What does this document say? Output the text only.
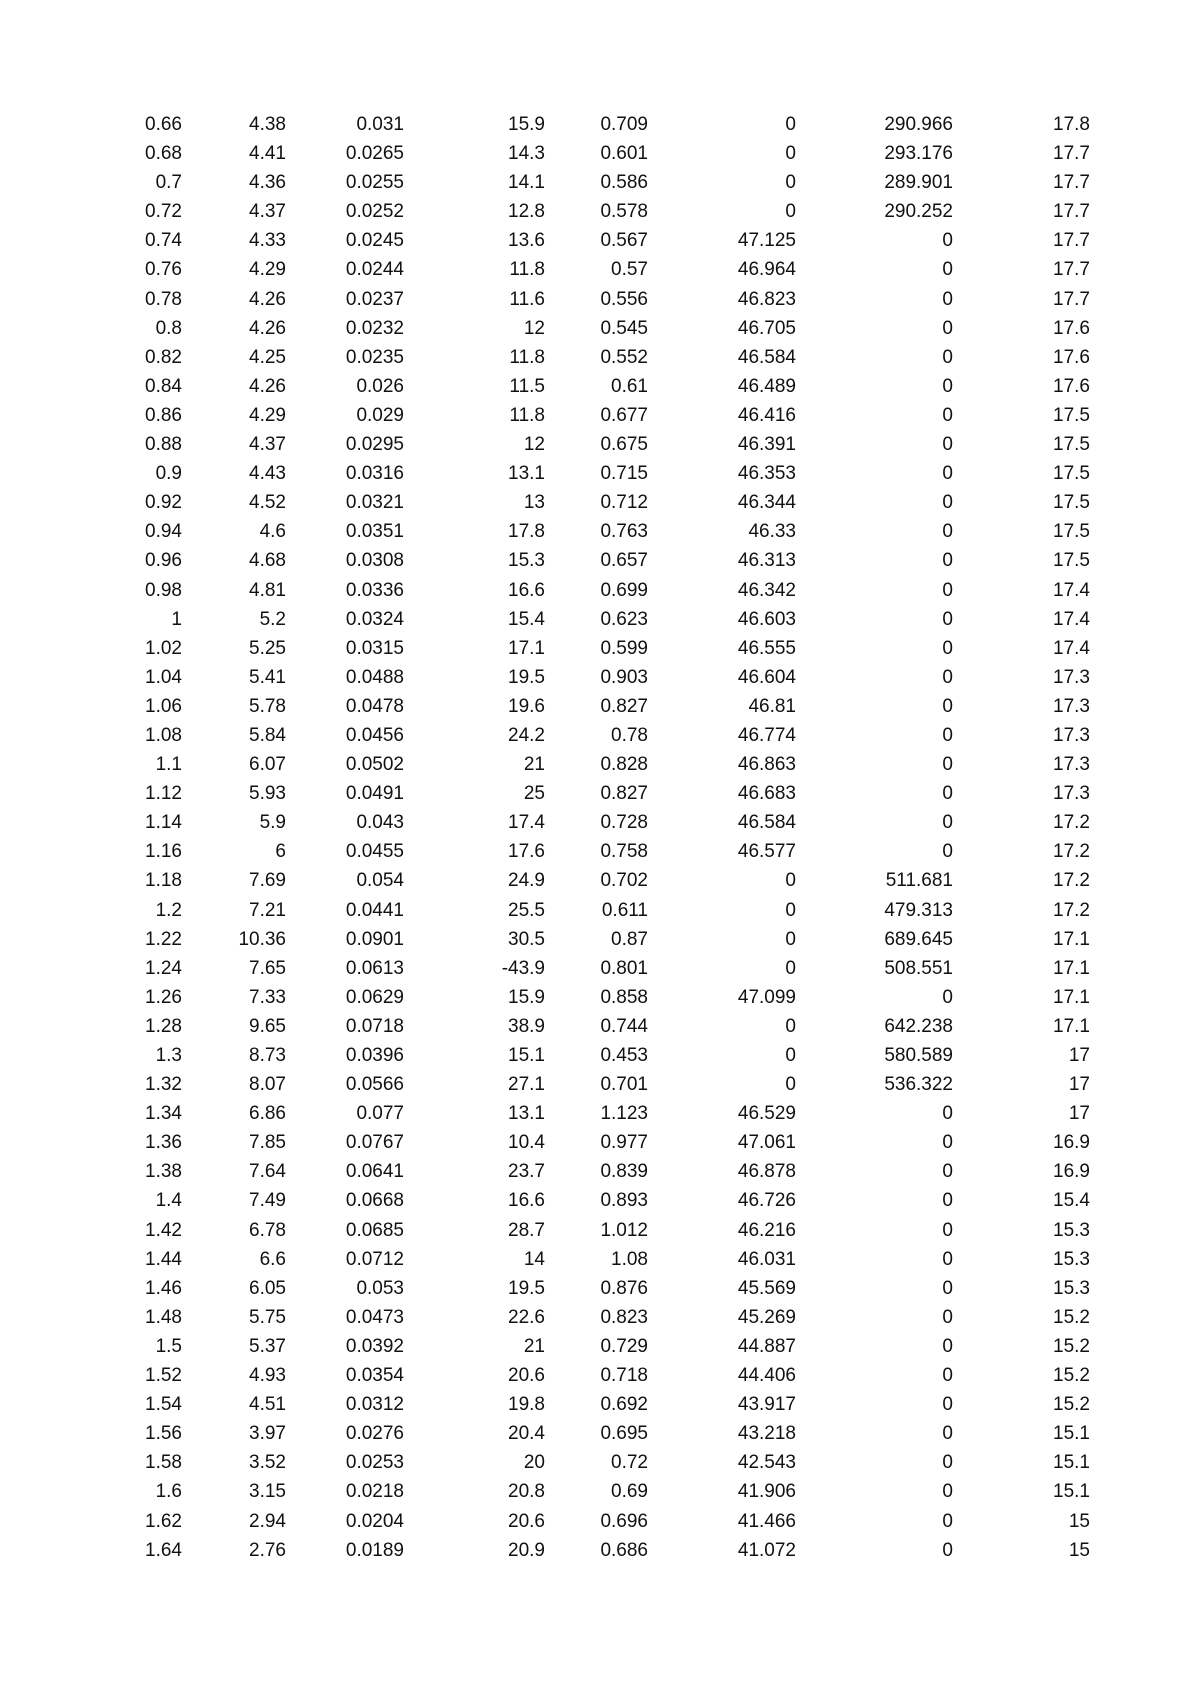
0.66	4.38	0.031	15.9	0.709	0	290.966	17.8
0.68	4.41	0.0265	14.3	0.601	0	293.176	17.7
0.7	4.36	0.0255	14.1	0.586	0	289.901	17.7
0.72	4.37	0.0252	12.8	0.578	0	290.252	17.7
0.74	4.33	0.0245	13.6	0.567	47.125	0	17.7
0.76	4.29	0.0244	11.8	0.57	46.964	0	17.7
0.78	4.26	0.0237	11.6	0.556	46.823	0	17.7
0.8	4.26	0.0232	12	0.545	46.705	0	17.6
0.82	4.25	0.0235	11.8	0.552	46.584	0	17.6
0.84	4.26	0.026	11.5	0.61	46.489	0	17.6
0.86	4.29	0.029	11.8	0.677	46.416	0	17.5
0.88	4.37	0.0295	12	0.675	46.391	0	17.5
0.9	4.43	0.0316	13.1	0.715	46.353	0	17.5
0.92	4.52	0.0321	13	0.712	46.344	0	17.5
0.94	4.6	0.0351	17.8	0.763	46.33	0	17.5
0.96	4.68	0.0308	15.3	0.657	46.313	0	17.5
0.98	4.81	0.0336	16.6	0.699	46.342	0	17.4
1	5.2	0.0324	15.4	0.623	46.603	0	17.4
1.02	5.25	0.0315	17.1	0.599	46.555	0	17.4
1.04	5.41	0.0488	19.5	0.903	46.604	0	17.3
1.06	5.78	0.0478	19.6	0.827	46.81	0	17.3
1.08	5.84	0.0456	24.2	0.78	46.774	0	17.3
1.1	6.07	0.0502	21	0.828	46.863	0	17.3
1.12	5.93	0.0491	25	0.827	46.683	0	17.3
1.14	5.9	0.043	17.4	0.728	46.584	0	17.2
1.16	6	0.0455	17.6	0.758	46.577	0	17.2
1.18	7.69	0.054	24.9	0.702	0	511.681	17.2
1.2	7.21	0.0441	25.5	0.611	0	479.313	17.2
1.22	10.36	0.0901	30.5	0.87	0	689.645	17.1
1.24	7.65	0.0613	-43.9	0.801	0	508.551	17.1
1.26	7.33	0.0629	15.9	0.858	47.099	0	17.1
1.28	9.65	0.0718	38.9	0.744	0	642.238	17.1
1.3	8.73	0.0396	15.1	0.453	0	580.589	17
1.32	8.07	0.0566	27.1	0.701	0	536.322	17
1.34	6.86	0.077	13.1	1.123	46.529	0	17
1.36	7.85	0.0767	10.4	0.977	47.061	0	16.9
1.38	7.64	0.0641	23.7	0.839	46.878	0	16.9
1.4	7.49	0.0668	16.6	0.893	46.726	0	15.4
1.42	6.78	0.0685	28.7	1.012	46.216	0	15.3
1.44	6.6	0.0712	14	1.08	46.031	0	15.3
1.46	6.05	0.053	19.5	0.876	45.569	0	15.3
1.48	5.75	0.0473	22.6	0.823	45.269	0	15.2
1.5	5.37	0.0392	21	0.729	44.887	0	15.2
1.52	4.93	0.0354	20.6	0.718	44.406	0	15.2
1.54	4.51	0.0312	19.8	0.692	43.917	0	15.2
1.56	3.97	0.0276	20.4	0.695	43.218	0	15.1
1.58	3.52	0.0253	20	0.72	42.543	0	15.1
1.6	3.15	0.0218	20.8	0.69	41.906	0	15.1
1.62	2.94	0.0204	20.6	0.696	41.466	0	15
1.64	2.76	0.0189	20.9	0.686	41.072	0	15
